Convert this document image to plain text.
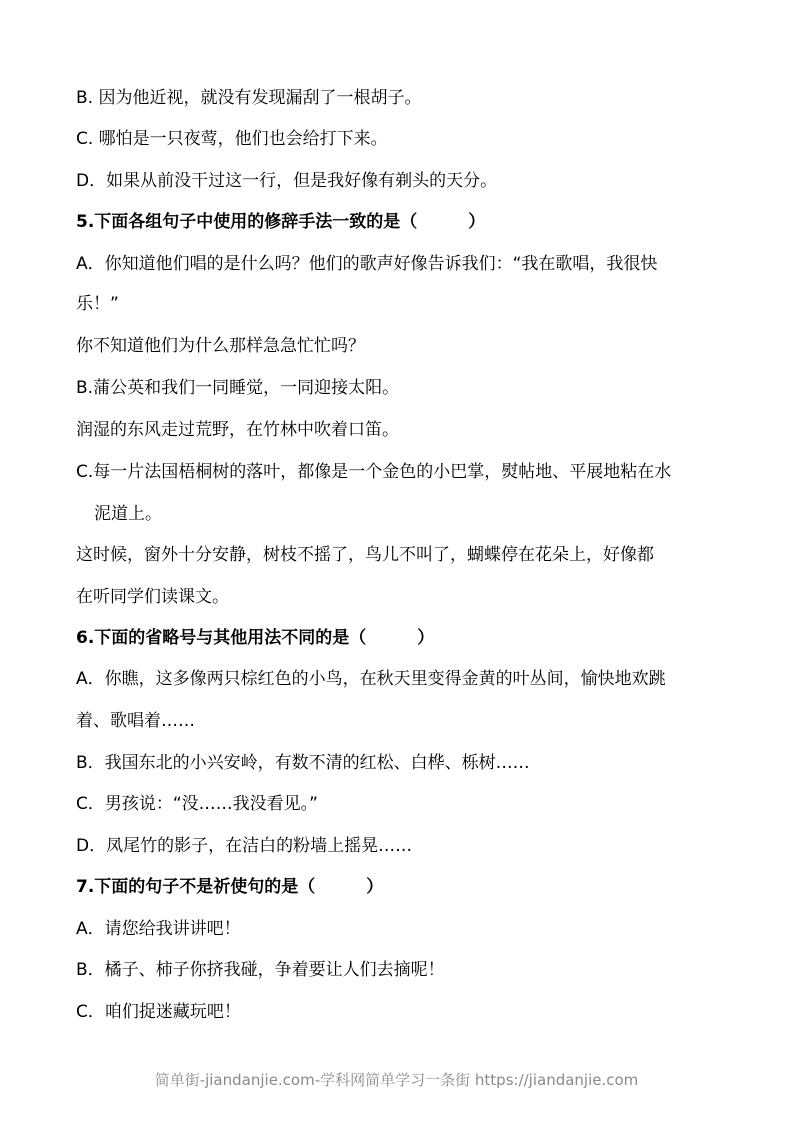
B. 因为他近视，就没有发现漏刮了一根胡子。
C. 哪怕是一只夜莺，他们也会给打下来。
D．如果从前没干过这一行，但是我好像有剃头的天分。
5.下面各组句子中使用的修辞手法一致的是（　　　）
A．你知道他们唱的是什么吗？他们的歌声好像告诉我们：“我在歌唱，我很快
乐！”
你不知道他们为什么那样急急忙忙吗？
B.蒲公英和我们一同睡觉，一同迎接太阳。
润湿的东风走过荒野，在竹林中吹着口笛。
C.每一片法国梧桐树的落叶，都像是一个金色的小巴掌，熨帖地、平展地粘在水
泥道上。
这时候，窗外十分安静，树枝不摇了，鸟儿不叫了，蝴蝶停在花朵上，好像都
在听同学们读课文。
6.下面的省略号与其他用法不同的是（　　　）
A．你瞧，这多像两只棕红色的小鸟，在秋天里变得金黄的叶丛间，愉快地欢跳
着、歌唱着……
B．我国东北的小兴安岭，有数不清的红松、白桦、栎树……
C．男孩说：“没……我没看见。”
D．凤尾竹的影子，在洁白的粉墙上摇晃……
7.下面的句子不是祈使句的是（　　　）
A．请您给我讲讲吧！
B．橘子、柿子你挤我碰，争着要让人们去摘呢！
C．咱们捉迷藏玩吧！
简单街-jiandanjie.com-学科网简单学习一条街 https://jiandanjie.com
